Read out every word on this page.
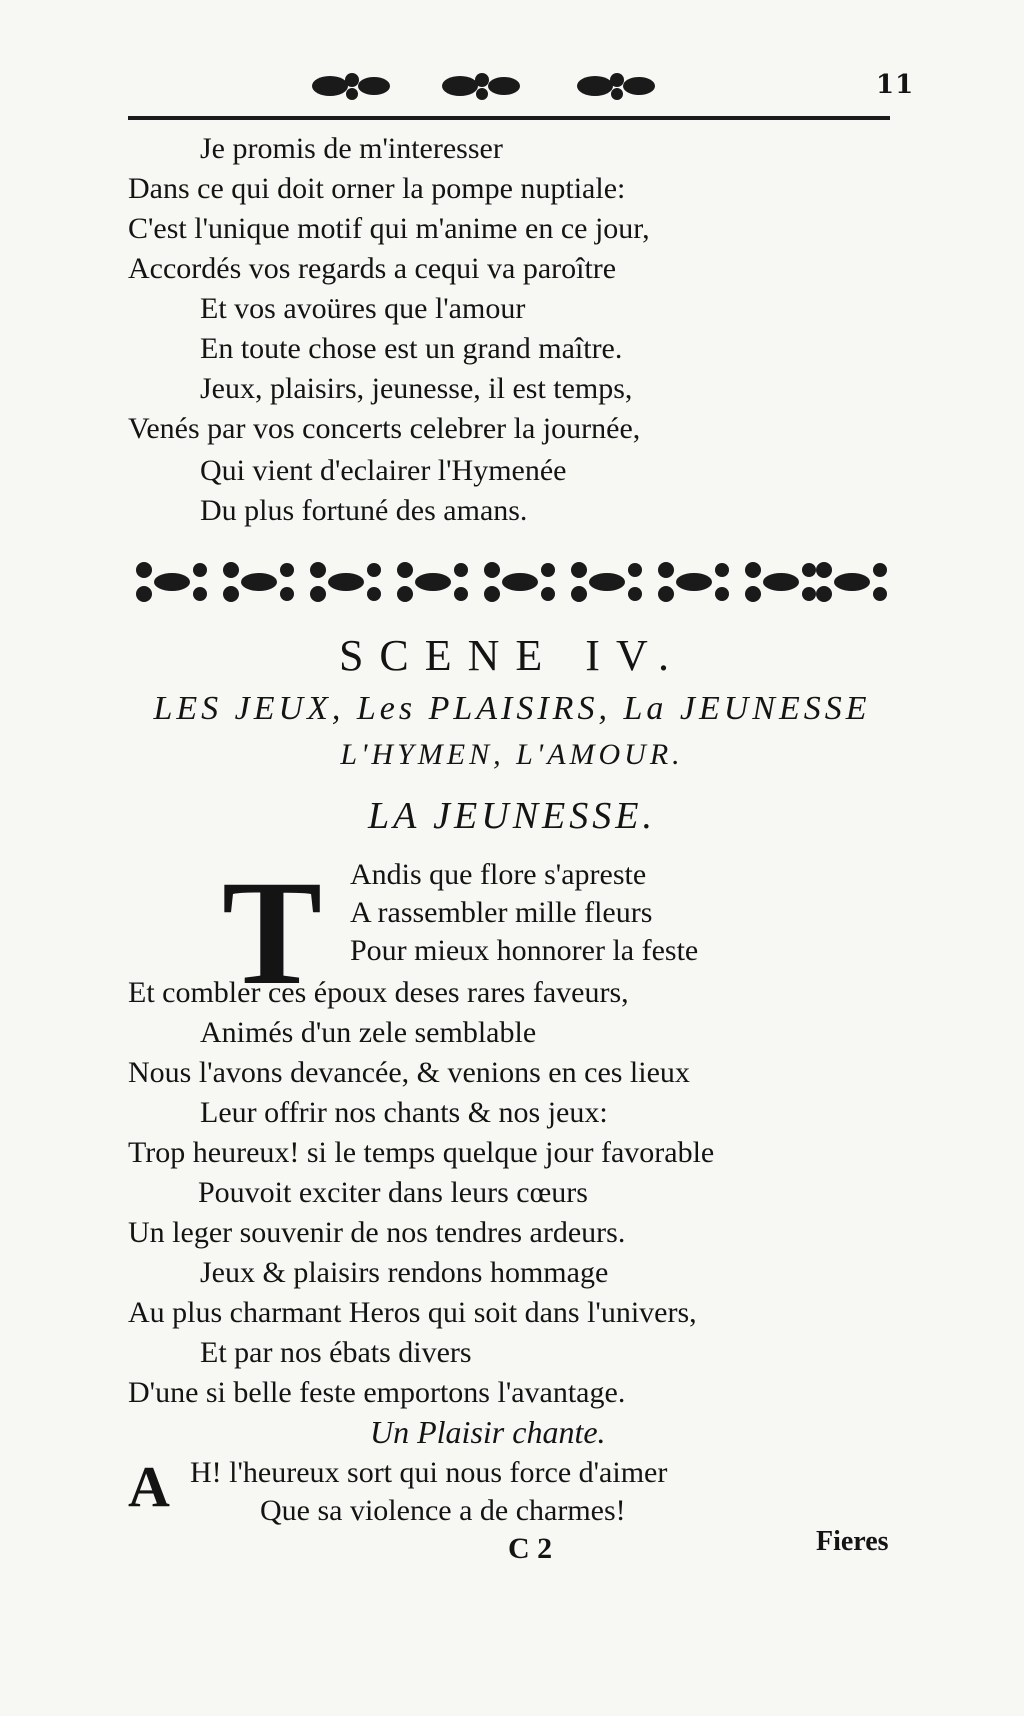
11
Je promis de m'interesser
Dans ce qui doit orner la pompe nuptiale:
C'est l'unique motif qui m'anime en ce jour,
Accordés vos regards a cequi va paroître
Et vos avoüres que l'amour
En toute chose est un grand maître.
Jeux, plaisirs, jeunesse, il est temps,
Venés par vos concerts celebrer la journée,
Qui vient d'eclairer l'Hymenée
Du plus fortuné des amans.
SCENE IV.
LES JEUX, Les PLAISIRS, La JEUNESSE
L'HYMEN, L'AMOUR.
LA JEUNESSE.
T Andis que flore s'apreste
A rassembler mille fleurs
Pour mieux honnorer la feste
Et combler ces époux deses rares faveurs,
Animés d'un zele semblable
Nous l'avons devancée, & venions en ces lieux
Leur offrir nos chants & nos jeux:
Trop heureux! si le temps quelque jour favorable
Pouvoit exciter dans leurs cœurs
Un leger souvenir de nos tendres ardeurs.
Jeux & plaisirs rendons hommage
Au plus charmant Heros qui soit dans l'univers,
Et par nos ébats divers
D'une si belle feste emportons l'avantage.
Un Plaisir chante.
A H! l'heureux sort qui nous force d'aimer
Que sa violence a de charmes!
C 2	Fieres
